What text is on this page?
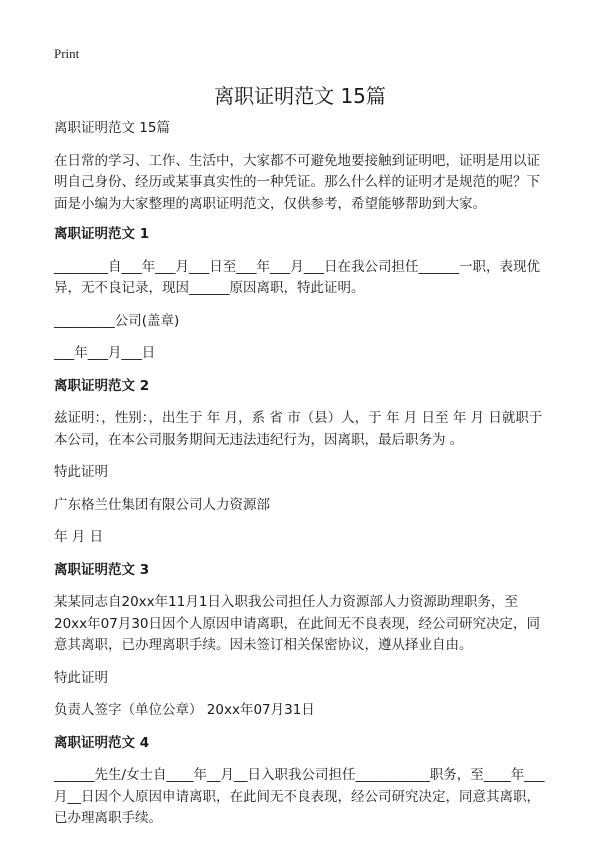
Print
离职证明范文 15篇

离职证明范文 15篇

在日常的学习、工作、生活中，大家都不可避免地要接触到证明吧，证明是用以证明自己身份、经历或某事真实性的一种凭证。那么什么样的证明才是规范的呢？下面是小编为大家整理的离职证明范文，仅供参考，希望能够帮助到大家。

离职证明范文 1

________自___年___月___日至___年___月___日在我公司担任______一职，表现优异，无不良记录，现因______原因离职，特此证明。

_________公司(盖章)

___年___月___日

离职证明范文 2

兹证明：，性别：，出生于 年 月，系 省 市（县）人，于 年 月 日至 年 月 日就职于本公司，在本公司服务期间无违法违纪行为，因离职，最后职务为 。

特此证明

广东格兰仕集团有限公司人力资源部

年 月 日

离职证明范文 3

某某同志自20xx年11月1日入职我公司担任人力资源部人力资源助理职务，至20xx年07月30日因个人原因申请离职，在此间无不良表现，经公司研究决定，同意其离职，已办理离职手续。因未签订相关保密协议，遵从择业自由。

特此证明

负责人签字（单位公章） 20xx年07月31日

离职证明范文 4

______先生/女士自____年__月__日入职我公司担任___________职务，至____年___月__日因个人原因申请离职，在此间无不良表现，经公司研究决定，同意其离职，已办理离职手续。
